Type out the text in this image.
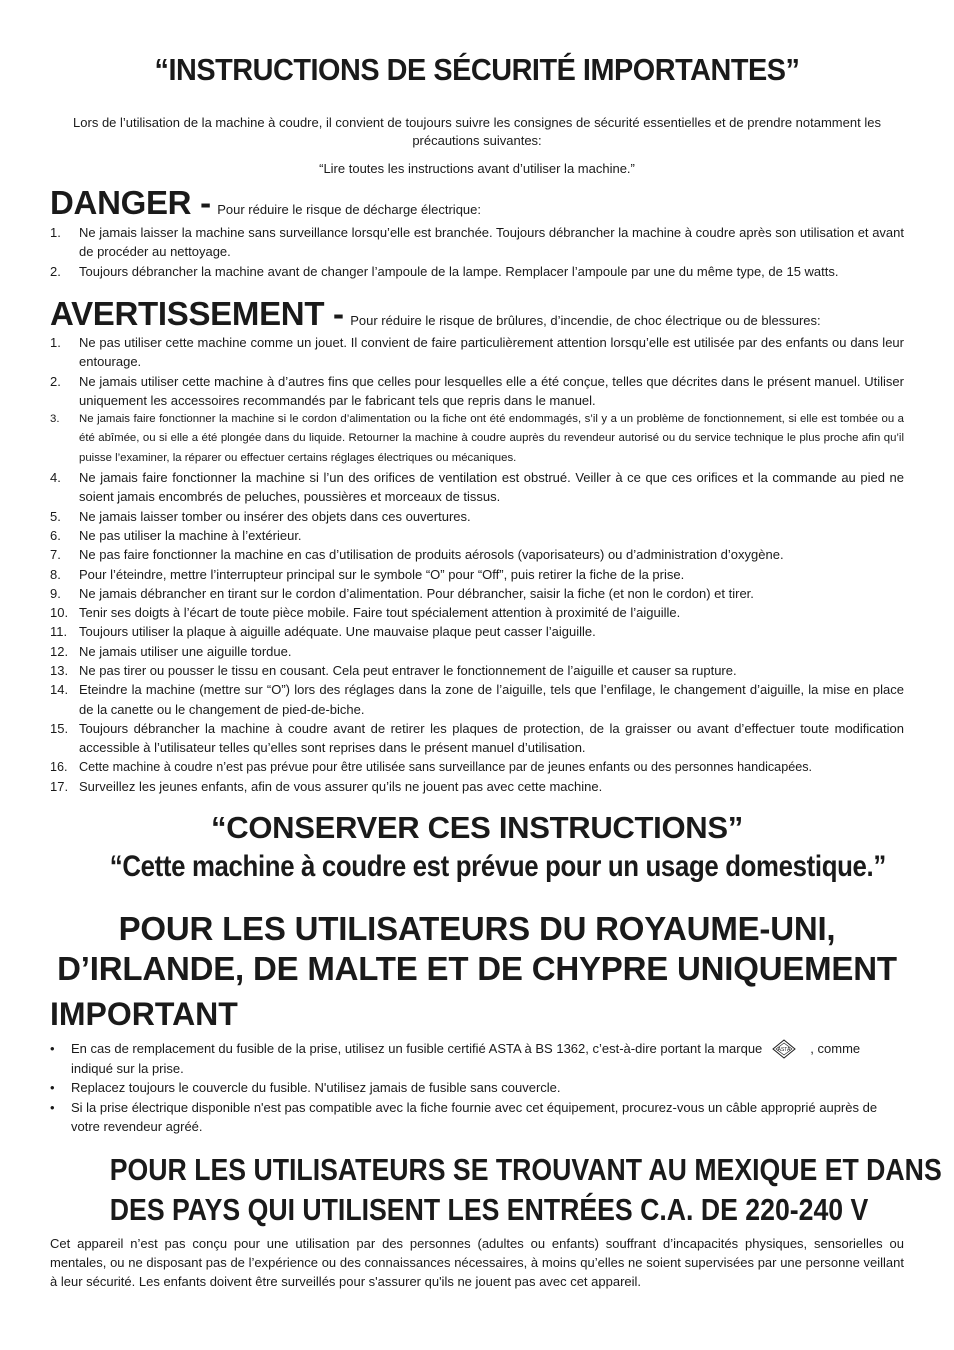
“INSTRUCTIONS DE SÉCURITÉ IMPORTANTES”
Lors de l’utilisation de la machine à coudre, il convient de toujours suivre les consignes de sécurité essentielles et de prendre notamment les précautions suivantes:
“Lire toutes les instructions avant d’utiliser la machine.”
DANGER - Pour réduire le risque de décharge électrique:
1. Ne jamais laisser la machine sans surveillance lorsqu’elle est branchée. Toujours débrancher la machine à coudre après son utilisation et avant de procéder au nettoyage.
2. Toujours débrancher la machine avant de changer l’ampoule de la lampe. Remplacer l’ampoule par une du même type, de 15 watts.
AVERTISSEMENT - Pour réduire le risque de brûlures, d’incendie, de choc électrique ou de blessures:
1. Ne pas utiliser cette machine comme un jouet. Il convient de faire particulièrement attention lorsqu’elle est utilisée par des enfants ou dans leur entourage.
2. Ne jamais utiliser cette machine à d’autres fins que celles pour lesquelles elle a été conçue, telles que décrites dans le présent manuel. Utiliser uniquement les accessoires recommandés par le fabricant tels que repris dans le manuel.
3. Ne jamais faire fonctionner la machine si le cordon d’alimentation ou la fiche ont été endommagés, s’il y a un problème de fonctionnement, si elle est tombée ou a été abîmée, ou si elle a été plongée dans du liquide. Retourner la machine à coudre auprès du revendeur autorisé ou du service technique le plus proche afin qu’il puisse l’examiner, la réparer ou effectuer certains réglages électriques ou mécaniques.
4. Ne jamais faire fonctionner la machine si l’un des orifices de ventilation est obstrué. Veiller à ce que ces orifices et la commande au pied ne soient jamais encombrés de peluches, poussières et morceaux de tissus.
5. Ne jamais laisser tomber ou insérer des objets dans ces ouvertures.
6. Ne pas utiliser la machine à l’extérieur.
7. Ne pas faire fonctionner la machine en cas d’utilisation de produits aérosols (vaporisateurs) ou d’administration d’oxygène.
8. Pour l’éteindre, mettre l’interrupteur principal sur le symbole “O” pour “Off”, puis retirer la fiche de la prise.
9. Ne jamais débrancher en tirant sur le cordon d’alimentation. Pour débrancher, saisir la fiche (et non le cordon) et tirer.
10. Tenir ses doigts à l’écart de toute pièce mobile. Faire tout spécialement attention à proximité de l’aiguille.
11. Toujours utiliser la plaque à aiguille adéquate. Une mauvaise plaque peut casser l’aiguille.
12. Ne jamais utiliser une aiguille tordue.
13. Ne pas tirer ou pousser le tissu en cousant. Cela peut entraver le fonctionnement de l’aiguille et causer sa rupture.
14. Eteindre la machine (mettre sur “O”) lors des réglages dans la zone de l’aiguille, tels que l’enfilage, le changement d’aiguille, la mise en place de la canette ou le changement de pied-de-biche.
15. Toujours débrancher la machine à coudre avant de retirer les plaques de protection, de la graisser ou avant d’effectuer toute modification accessible à l’utilisateur telles qu’elles sont reprises dans le présent manuel d’utilisation.
16. Cette machine à coudre n’est pas prévue pour être utilisée sans surveillance par de jeunes enfants ou des personnes handicapées.
17. Surveillez les jeunes enfants, afin de vous assurer qu’ils ne jouent pas avec cette machine.
“CONSERVER CES INSTRUCTIONS”
“Cette machine à coudre est prévue pour un usage domestique.”
POUR LES UTILISATEURS DU ROYAUME-UNI,
D’IRLANDE, DE MALTE ET DE CHYPRE UNIQUEMENT
IMPORTANT
• En cas de remplacement du fusible de la prise, utilisez un fusible certifié ASTA à BS 1362, c’est-à-dire portant la marque	ASTA , comme indiqué sur la prise.
• Replacez toujours le couvercle du fusible. N'utilisez jamais de fusible sans couvercle.
• Si la prise électrique disponible n'est pas compatible avec la fiche fournie avec cet équipement, procurez-vous un câble approprié auprès de votre revendeur agréé.
POUR LES UTILISATEURS SE TROUVANT AU MEXIQUE ET DANS
DES PAYS QUI UTILISENT LES ENTRÉES C.A. DE 220-240 V
Cet appareil n’est pas conçu pour une utilisation par des personnes (adultes ou enfants) souffrant d’incapacités physiques, sensorielles ou mentales, ou ne disposant pas de l’expérience ou des connaissances nécessaires, à moins qu’elles ne soient supervisées par une personne veillant à leur sécurité. Les enfants doivent être surveillés pour s'assurer qu'ils ne jouent pas avec cet appareil.
